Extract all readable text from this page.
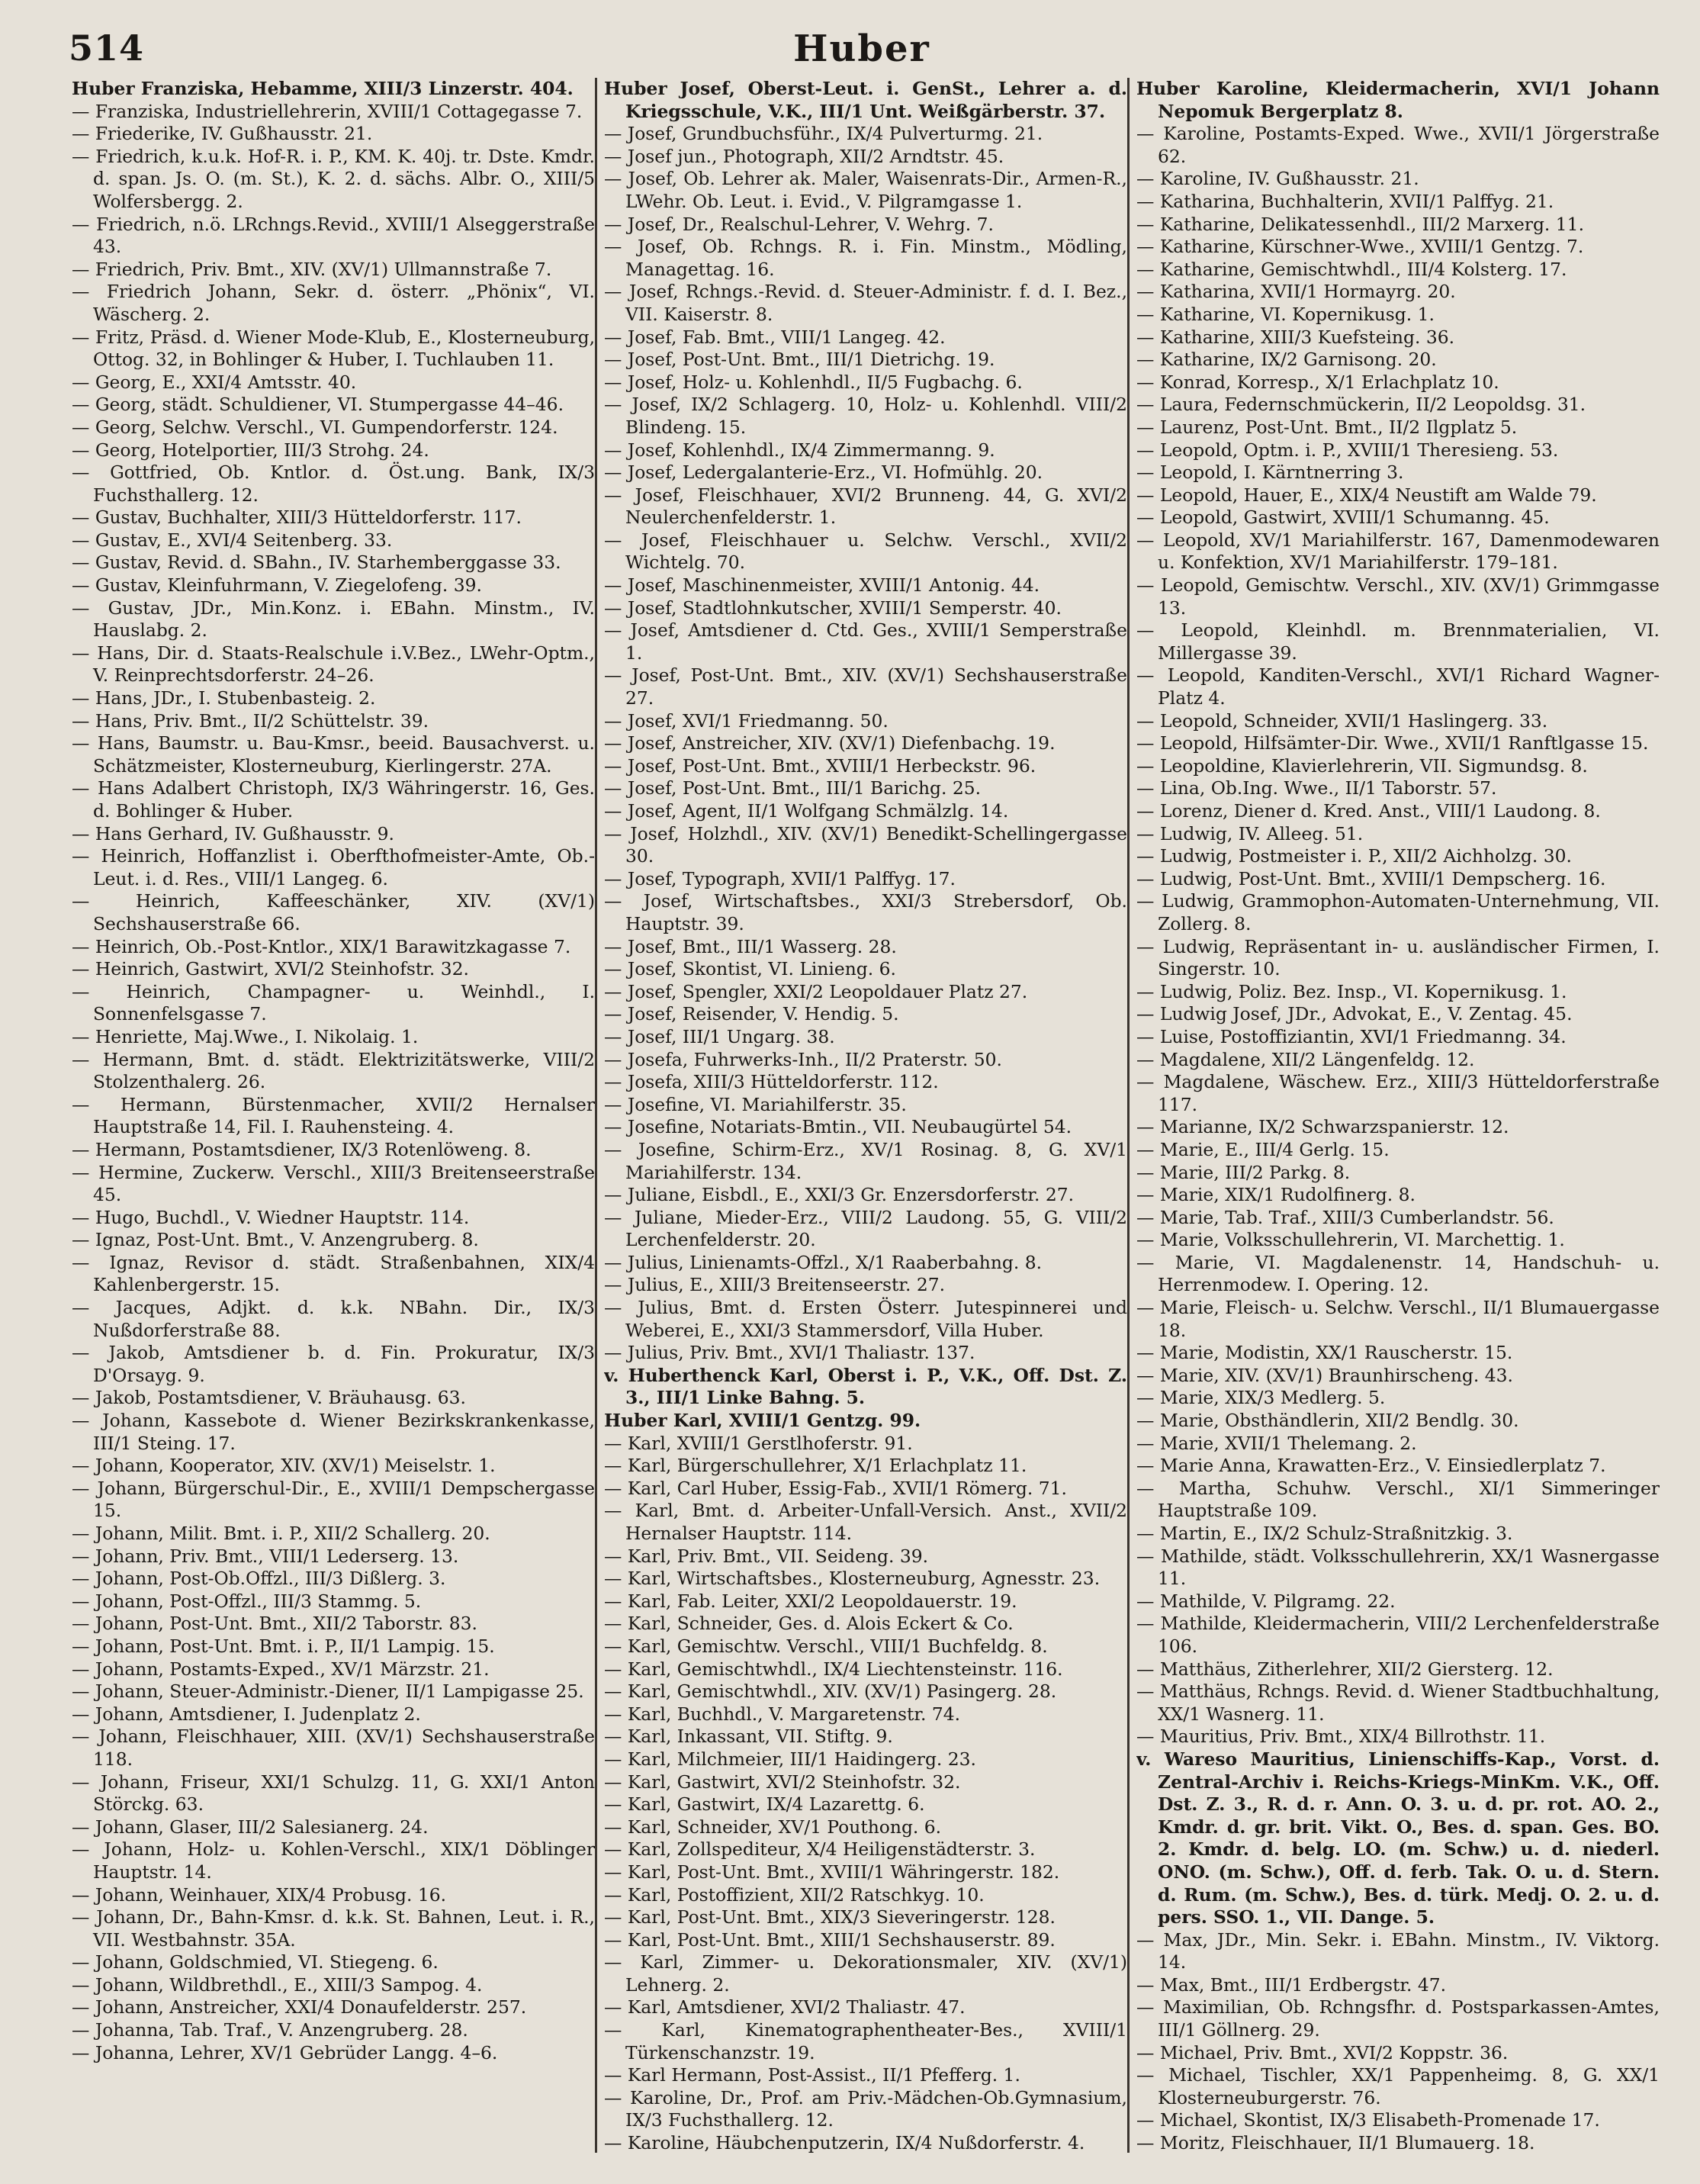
514	Huber

Huber Franziska, Hebamme, XIII/3 Linzerstr. 404.

— Franziska, Industriellehrerin, XVIII/1 Cottagegasse 7.

— Friederike, IV. Gußhausstr. 21.

— Friedrich, k.u.k. Hof-R. i. P., KM. K. 40j. tr. Dste. Kmdr. d. span. Js. O. (m. St.), K. 2. d. sächs. Albr. O., XIII/5 Wolfersbergg. 2.

— Friedrich, n.ö. LRchngs.Revid., XVIII/1 Alseggerstraße 43.

— Friedrich, Priv. Bmt., XIV. (XV/1) Ullmannstraße 7.

— Friedrich Johann, Sekr. d. österr. „Phönix“, VI. Wäscherg. 2.

— Fritz, Präsd. d. Wiener Mode-Klub, E., Klosterneuburg, Ottog. 32, in Bohlinger & Huber, I. Tuchlauben 11.

— Georg, E., XXI/4 Amtsstr. 40.

— Georg, städt. Schuldiener, VI. Stumpergasse 44–46.

— Georg, Selchw. Verschl., VI. Gumpendorferstr. 124.

— Georg, Hotelportier, III/3 Strohg. 24.

— Gottfried, Ob. Kntlor. d. Öst.ung. Bank, IX/3 Fuchsthallerg. 12.

— Gustav, Buchhalter, XIII/3 Hütteldorferstr. 117.

— Gustav, E., XVI/4 Seitenberg. 33.

— Gustav, Revid. d. SBahn., IV. Starhemberggasse 33.

— Gustav, Kleinfuhrmann, V. Ziegelofeng. 39.

— Gustav, JDr., Min.Konz. i. EBahn. Minstm., IV. Hauslabg. 2.

— Hans, Dir. d. Staats-Realschule i.V.Bez., LWehr-Optm., V. Reinprechtsdorferstr. 24–26.

— Hans, JDr., I. Stubenbasteig. 2.

— Hans, Priv. Bmt., II/2 Schüttelstr. 39.

— Hans, Baumstr. u. Bau-Kmsr., beeid. Bausachverst. u. Schätzmeister, Klosterneuburg, Kierlingerstr. 27A.

— Hans Adalbert Christoph, IX/3 Währingerstr. 16, Ges. d. Bohlinger & Huber.

— Hans Gerhard, IV. Gußhausstr. 9.

— Heinrich, Hoffanzlist i. Oberfthofmeister-Amte, Ob.-Leut. i. d. Res., VIII/1 Langeg. 6.

— Heinrich, Kaffeeschänker, XIV. (XV/1) Sechshauserstraße 66.

— Heinrich, Ob.-Post-Kntlor., XIX/1 Barawitzkagasse 7.

— Heinrich, Gastwirt, XVI/2 Steinhofstr. 32.

— Heinrich, Champagner- u. Weinhdl., I. Sonnenfelsgasse 7.

— Henriette, Maj.Wwe., I. Nikolaig. 1.

— Hermann, Bmt. d. städt. Elektrizitätswerke, VIII/2 Stolzenthalerg. 26.

— Hermann, Bürstenmacher, XVII/2 Hernalser Hauptstraße 14, Fil. I. Rauhensteing. 4.

— Hermann, Postamtsdiener, IX/3 Rotenlöweng. 8.

— Hermine, Zuckerw. Verschl., XIII/3 Breitenseerstraße 45.

— Hugo, Buchdl., V. Wiedner Hauptstr. 114.

— Ignaz, Post-Unt. Bmt., V. Anzengruberg. 8.

— Ignaz, Revisor d. städt. Straßenbahnen, XIX/4 Kahlenbergerstr. 15.

— Jacques, Adjkt. d. k.k. NBahn. Dir., IX/3 Nußdorferstraße 88.

— Jakob, Amtsdiener b. d. Fin. Prokuratur, IX/3 D'Orsayg. 9.

— Jakob, Postamtsdiener, V. Bräuhausg. 63.

— Johann, Kassebote d. Wiener Bezirkskrankenkasse, III/1 Steing. 17.

— Johann, Kooperator, XIV. (XV/1) Meiselstr. 1.

— Johann, Bürgerschul-Dir., E., XVIII/1 Dempschergasse 15.

— Johann, Milit. Bmt. i. P., XII/2 Schallerg. 20.

— Johann, Priv. Bmt., VIII/1 Lederserg. 13.

— Johann, Post-Ob.Offzl., III/3 Dißlerg. 3.

— Johann, Post-Offzl., III/3 Stammg. 5.

— Johann, Post-Unt. Bmt., XII/2 Taborstr. 83.

— Johann, Post-Unt. Bmt. i. P., II/1 Lampig. 15.

— Johann, Postamts-Exped., XV/1 Märzstr. 21.

— Johann, Steuer-Administr.-Diener, II/1 Lampigasse 25.

— Johann, Amtsdiener, I. Judenplatz 2.

— Johann, Fleischhauer, XIII. (XV/1) Sechshauserstraße 118.

— Johann, Friseur, XXI/1 Schulzg. 11, G. XXI/1 Anton Störckg. 63.

— Johann, Glaser, III/2 Salesianerg. 24.

— Johann, Holz- u. Kohlen-Verschl., XIX/1 Döblinger Hauptstr. 14.

— Johann, Weinhauer, XIX/4 Probusg. 16.

— Johann, Dr., Bahn-Kmsr. d. k.k. St. Bahnen, Leut. i. R., VII. Westbahnstr. 35A.

— Johann, Goldschmied, VI. Stiegeng. 6.

— Johann, Wildbrethdl., E., XIII/3 Sampog. 4.

— Johann, Anstreicher, XXI/4 Donaufelderstr. 257.

— Johanna, Tab. Traf., V. Anzengruberg. 28.

— Johanna, Lehrer, XV/1 Gebrüder Langg. 4–6.

Huber Josef, Oberst-Leut. i. GenSt., Lehrer a. d. Kriegsschule, V.K., III/1 Unt. Weißgärberstr. 37.

— Josef, Grundbuchsführ., IX/4 Pulverturmg. 21.

— Josef jun., Photograph, XII/2 Arndtstr. 45.

— Josef, Ob. Lehrer ak. Maler, Waisenrats-Dir., Armen-R., LWehr. Ob. Leut. i. Evid., V. Pilgramgasse 1.

— Josef, Dr., Realschul-Lehrer, V. Wehrg. 7.

— Josef, Ob. Rchngs. R. i. Fin. Minstm., Mödling, Managettag. 16.

— Josef, Rchngs.-Revid. d. Steuer-Administr. f. d. I. Bez., VII. Kaiserstr. 8.

— Josef, Fab. Bmt., VIII/1 Langeg. 42.

— Josef, Post-Unt. Bmt., III/1 Dietrichg. 19.

— Josef, Holz- u. Kohlenhdl., II/5 Fugbachg. 6.

— Josef, IX/2 Schlagerg. 10, Holz- u. Kohlenhdl. VIII/2 Blindeng. 15.

— Josef, Kohlenhdl., IX/4 Zimmermanng. 9.

— Josef, Ledergalanterie-Erz., VI. Hofmühlg. 20.

— Josef, Fleischhauer, XVI/2 Brunneng. 44, G. XVI/2 Neulerchenfelderstr. 1.

— Josef, Fleischhauer u. Selchw. Verschl., XVII/2 Wichtelg. 70.

— Josef, Maschinenmeister, XVIII/1 Antonig. 44.

— Josef, Stadtlohnkutscher, XVIII/1 Semperstr. 40.

— Josef, Amtsdiener d. Ctd. Ges., XVIII/1 Semperstraße 1.

— Josef, Post-Unt. Bmt., XIV. (XV/1) Sechshauserstraße 27.

— Josef, XVI/1 Friedmanng. 50.

— Josef, Anstreicher, XIV. (XV/1) Diefenbachg. 19.

— Josef, Post-Unt. Bmt., XVIII/1 Herbeckstr. 96.

— Josef, Post-Unt. Bmt., III/1 Barichg. 25.

— Josef, Agent, II/1 Wolfgang Schmälzlg. 14.

— Josef, Holzhdl., XIV. (XV/1) Benedikt-Schellingergasse 30.

— Josef, Typograph, XVII/1 Palffyg. 17.

— Josef, Wirtschaftsbes., XXI/3 Strebersdorf, Ob. Hauptstr. 39.

— Josef, Bmt., III/1 Wasserg. 28.

— Josef, Skontist, VI. Linieng. 6.

— Josef, Spengler, XXI/2 Leopoldauer Platz 27.

— Josef, Reisender, V. Hendig. 5.

— Josef, III/1 Ungarg. 38.

— Josefa, Fuhrwerks-Inh., II/2 Praterstr. 50.

— Josefa, XIII/3 Hütteldorferstr. 112.

— Josefine, VI. Mariahilferstr. 35.

— Josefine, Notariats-Bmtin., VII. Neubaugürtel 54.

— Josefine, Schirm-Erz., XV/1 Rosinag. 8, G. XV/1 Mariahilferstr. 134.

— Juliane, Eisbdl., E., XXI/3 Gr. Enzersdorferstr. 27.

— Juliane, Mieder-Erz., VIII/2 Laudong. 55, G. VIII/2 Lerchenfelderstr. 20.

— Julius, Linienamts-Offzl., X/1 Raaberbahng. 8.

— Julius, E., XIII/3 Breitenseerstr. 27.

— Julius, Bmt. d. Ersten Österr. Jutespinnerei und Weberei, E., XXI/3 Stammersdorf, Villa Huber.

— Julius, Priv. Bmt., XVI/1 Thaliastr. 137.

v. Huberthenck Karl, Oberst i. P., V.K., Off. Dst. Z. 3., III/1 Linke Bahng. 5.

Huber Karl, XVIII/1 Gentzg. 99.

— Karl, XVIII/1 Gerstlhoferstr. 91.

— Karl, Bürgerschullehrer, X/1 Erlachplatz 11.

— Karl, Carl Huber, Essig-Fab., XVII/1 Römerg. 71.

— Karl, Bmt. d. Arbeiter-Unfall-Versich. Anst., XVII/2 Hernalser Hauptstr. 114.

— Karl, Priv. Bmt., VII. Seideng. 39.

— Karl, Wirtschaftsbes., Klosterneuburg, Agnesstr. 23.

— Karl, Fab. Leiter, XXI/2 Leopoldauerstr. 19.

— Karl, Schneider, Ges. d. Alois Eckert & Co.

— Karl, Gemischtw. Verschl., VIII/1 Buchfeldg. 8.

— Karl, Gemischtwhdl., IX/4 Liechtensteinstr. 116.

— Karl, Gemischtwhdl., XIV. (XV/1) Pasingerg. 28.

— Karl, Buchhdl., V. Margaretenstr. 74.

— Karl, Inkassant, VII. Stiftg. 9.

— Karl, Milchmeier, III/1 Haidingerg. 23.

— Karl, Gastwirt, XVI/2 Steinhofstr. 32.

— Karl, Gastwirt, IX/4 Lazarettg. 6.

— Karl, Schneider, XV/1 Pouthong. 6.

— Karl, Zollspediteur, X/4 Heiligenstädterstr. 3.

— Karl, Post-Unt. Bmt., XVIII/1 Währingerstr. 182.

— Karl, Postoffizient, XII/2 Ratschkyg. 10.

— Karl, Post-Unt. Bmt., XIX/3 Sieveringerstr. 128.

— Karl, Post-Unt. Bmt., XIII/1 Sechshauserstr. 89.

— Karl, Zimmer- u. Dekorationsmaler, XIV. (XV/1) Lehnerg. 2.

— Karl, Amtsdiener, XVI/2 Thaliastr. 47.

— Karl, Kinematographentheater-Bes., XVIII/1 Türkenschanzstr. 19.

— Karl Hermann, Post-Assist., II/1 Pfefferg. 1.

— Karoline, Dr., Prof. am Priv.-Mädchen-Ob.Gymnasium, IX/3 Fuchsthallerg. 12.

— Karoline, Häubchenputzerin, IX/4 Nußdorferstr. 4.

Huber Karoline, Kleidermacherin, XVI/1 Johann Nepomuk Bergerplatz 8.

— Karoline, Postamts-Exped. Wwe., XVII/1 Jörgerstraße 62.

— Karoline, IV. Gußhausstr. 21.

— Katharina, Buchhalterin, XVII/1 Palffyg. 21.

— Katharine, Delikatessenhdl., III/2 Marxerg. 11.

— Katharine, Kürschner-Wwe., XVIII/1 Gentzg. 7.

— Katharine, Gemischtwhdl., III/4 Kolsterg. 17.

— Katharina, XVII/1 Hormayrg. 20.

— Katharine, VI. Kopernikusg. 1.

— Katharine, XIII/3 Kuefsteing. 36.

— Katharine, IX/2 Garnisong. 20.

— Konrad, Korresp., X/1 Erlachplatz 10.

— Laura, Federnschmückerin, II/2 Leopoldsg. 31.

— Laurenz, Post-Unt. Bmt., II/2 Ilgplatz 5.

— Leopold, Optm. i. P., XVIII/1 Theresieng. 53.

— Leopold, I. Kärntnerring 3.

— Leopold, Hauer, E., XIX/4 Neustift am Walde 79.

— Leopold, Gastwirt, XVIII/1 Schumanng. 45.

— Leopold, XV/1 Mariahilferstr. 167, Damenmodewaren u. Konfektion, XV/1 Mariahilferstr. 179–181.

— Leopold, Gemischtw. Verschl., XIV. (XV/1) Grimmgasse 13.

— Leopold, Kleinhdl. m. Brennmaterialien, VI. Millergasse 39.

— Leopold, Kanditen-Verschl., XVI/1 Richard Wagner-Platz 4.

— Leopold, Schneider, XVII/1 Haslingerg. 33.

— Leopold, Hilfsämter-Dir. Wwe., XVII/1 Ranftlgasse 15.

— Leopoldine, Klavierlehrerin, VII. Sigmundsg. 8.

— Lina, Ob.Ing. Wwe., II/1 Taborstr. 57.

— Lorenz, Diener d. Kred. Anst., VIII/1 Laudong. 8.

— Ludwig, IV. Alleeg. 51.

— Ludwig, Postmeister i. P., XII/2 Aichholzg. 30.

— Ludwig, Post-Unt. Bmt., XVIII/1 Dempscherg. 16.

— Ludwig, Grammophon-Automaten-Unternehmung, VII. Zollerg. 8.

— Ludwig, Repräsentant in- u. ausländischer Firmen, I. Singerstr. 10.

— Ludwig, Poliz. Bez. Insp., VI. Kopernikusg. 1.

— Ludwig Josef, JDr., Advokat, E., V. Zentag. 45.

— Luise, Postoffiziantin, XVI/1 Friedmanng. 34.

— Magdalene, XII/2 Längenfeldg. 12.

— Magdalene, Wäschew. Erz., XIII/3 Hütteldorferstraße 117.

— Marianne, IX/2 Schwarzspanierstr. 12.

— Marie, E., III/4 Gerlg. 15.

— Marie, III/2 Parkg. 8.

— Marie, XIX/1 Rudolfinerg. 8.

— Marie, Tab. Traf., XIII/3 Cumberlandstr. 56.

— Marie, Volksschullehrerin, VI. Marchettig. 1.

— Marie, VI. Magdalenenstr. 14, Handschuh- u. Herrenmodew. I. Opering. 12.

— Marie, Fleisch- u. Selchw. Verschl., II/1 Blumauergasse 18.

— Marie, Modistin, XX/1 Rauscherstr. 15.

— Marie, XIV. (XV/1) Braunhirscheng. 43.

— Marie, XIX/3 Medlerg. 5.

— Marie, Obsthändlerin, XII/2 Bendlg. 30.

— Marie, XVII/1 Thelemang. 2.

— Marie Anna, Krawatten-Erz., V. Einsiedlerplatz 7.

— Martha, Schuhw. Verschl., XI/1 Simmeringer Hauptstraße 109.

— Martin, E., IX/2 Schulz-Straßnitzkig. 3.

— Mathilde, städt. Volksschullehrerin, XX/1 Wasnergasse 11.

— Mathilde, V. Pilgramg. 22.

— Mathilde, Kleidermacherin, VIII/2 Lerchenfelderstraße 106.

— Matthäus, Zitherlehrer, XII/2 Giersterg. 12.

— Matthäus, Rchngs. Revid. d. Wiener Stadtbuchhaltung, XX/1 Wasnerg. 11.

— Mauritius, Priv. Bmt., XIX/4 Billrothstr. 11.

v. Wareso Mauritius, Linienschiffs-Kap., Vorst. d. Zentral-Archiv i. Reichs-Kriegs-MinKm. V.K., Off. Dst. Z. 3., R. d. r. Ann. O. 3. u. d. pr. rot. AO. 2., Kmdr. d. gr. brit. Vikt. O., Bes. d. span. Ges. BO. 2. Kmdr. d. belg. LO. (m. Schw.) u. d. niederl. ONO. (m. Schw.), Off. d. ferb. Tak. O. u. d. Stern. d. Rum. (m. Schw.), Bes. d. türk. Medj. O. 2. u. d. pers. SSO. 1., VII. Dange. 5.

— Max, JDr., Min. Sekr. i. EBahn. Minstm., IV. Viktorg. 14.

— Max, Bmt., III/1 Erdbergstr. 47.

— Maximilian, Ob. Rchngsfhr. d. Postsparkassen-Amtes, III/1 Göllnerg. 29.

— Michael, Priv. Bmt., XVI/2 Koppstr. 36.

— Michael, Tischler, XX/1 Pappenheimg. 8, G. XX/1 Klosterneuburgerstr. 76.

— Michael, Skontist, IX/3 Elisabeth-Promenade 17.

— Moritz, Fleischhauer, II/1 Blumauerg. 18.
